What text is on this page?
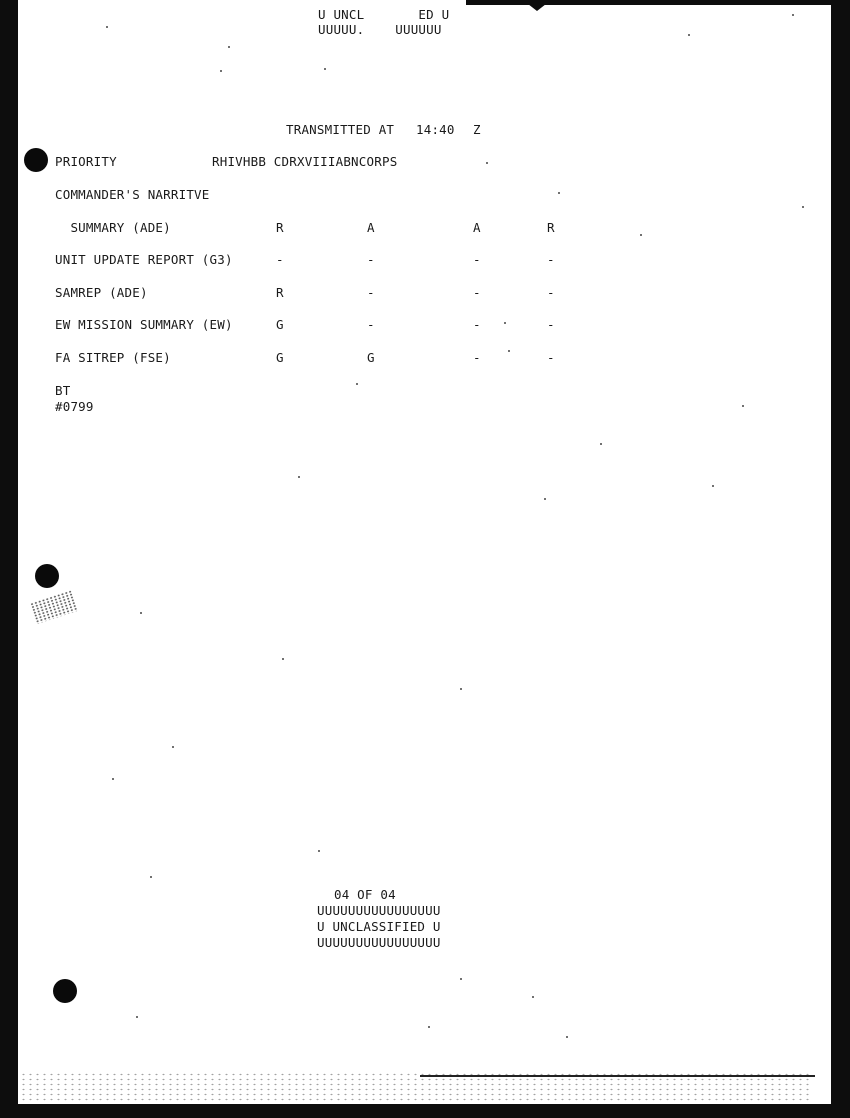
U UNCL       ED U
UUUUU.    UUUUUU
TRANSMITTED AT 14:40 Z
PRIORITY	RHIVHBB CDRXVIIIABNCORPS
COMMANDER'S NARRITVE
SUMMARY (ADE)	R	A	A	R
UNIT UPDATE REPORT (G3)	-	-	-	-
SAMREP (ADE)	R	-	-	-
EW MISSION SUMMARY (EW)	G	-	-	-
FA SITREP (FSE)	G	G	-	-
BT
#0799
04 OF 04
UUUUUUUUUUUUUUUU
U UNCLASSIFIED U
UUUUUUUUUUUUUUUU
